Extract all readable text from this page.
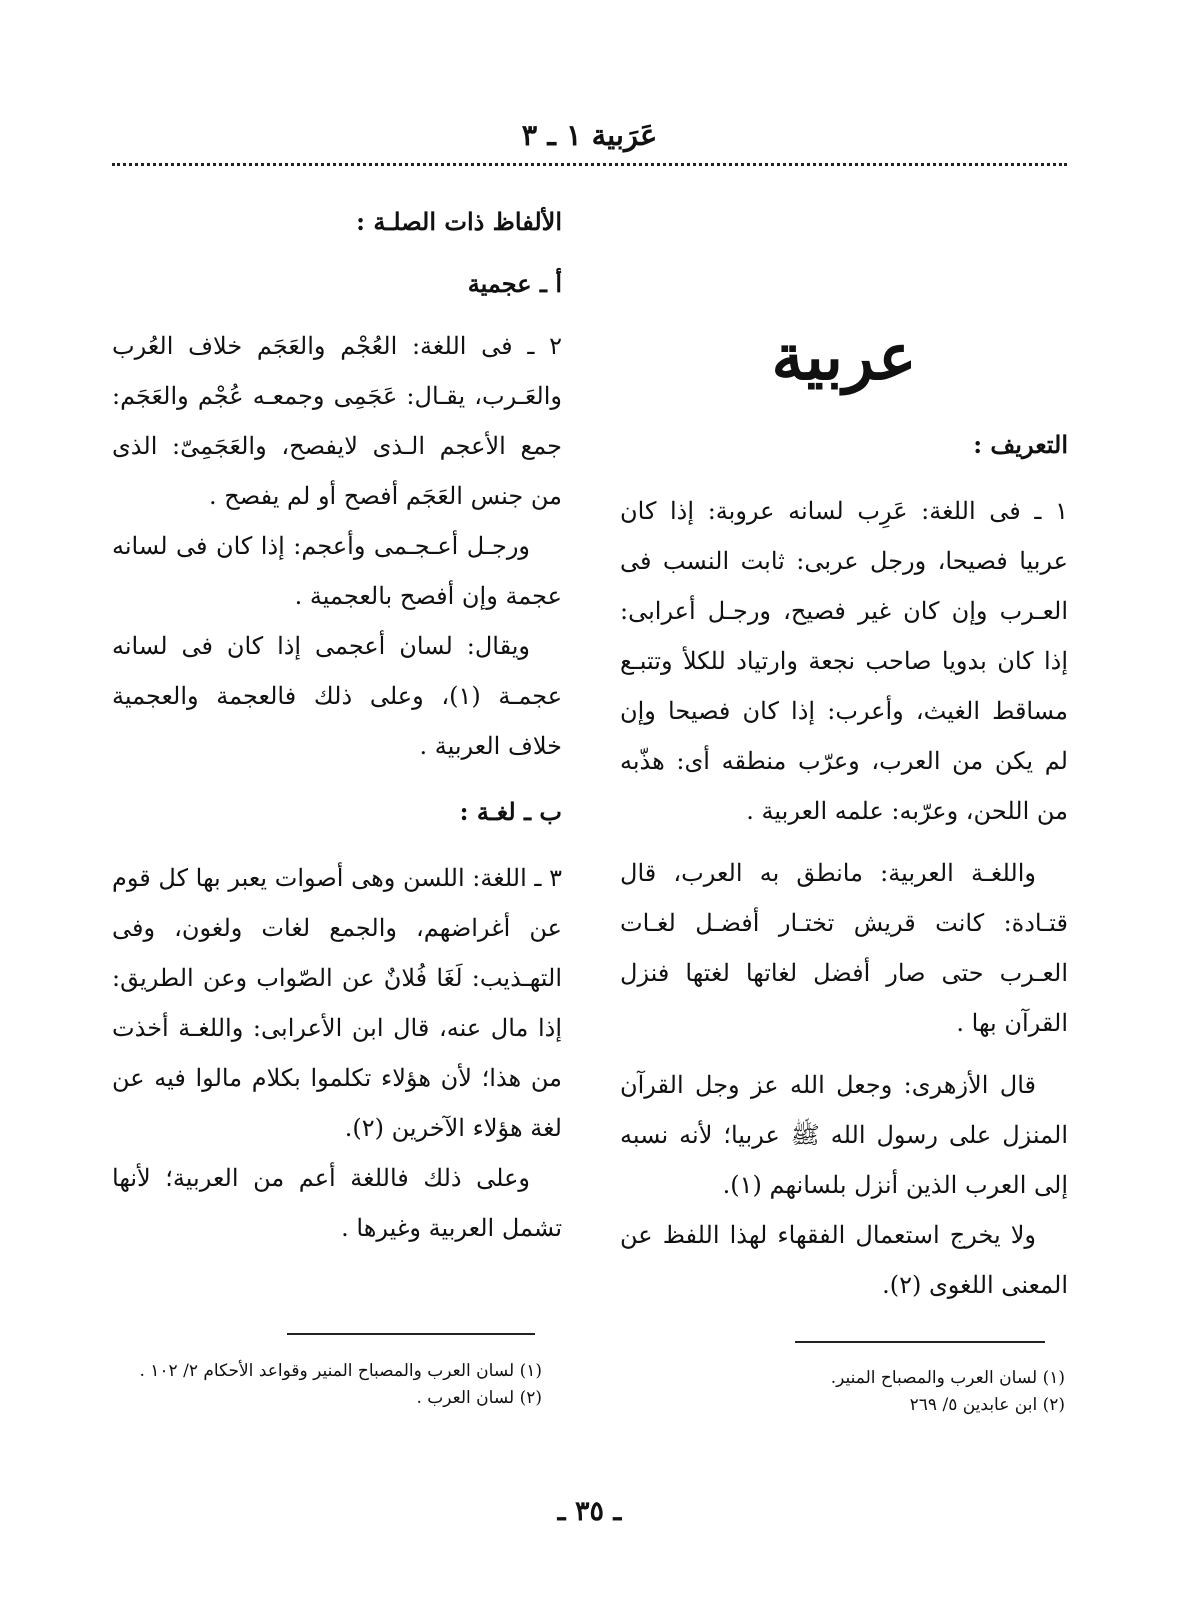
عَرَبية ١ ـ ٣
عربية

التعريف :

١ ـ فى اللغة: عَرِب لسانه عروبة: إذا كان عربيا فصيحا، ورجل عربى: ثابت النسب فى العـرب وإن كان غير فصيح، ورجـل أعرابى: إذا كان بدويا صاحب نجعة وارتياد للكلأ وتتبـع مساقط الغيث، وأعرب: إذا كان فصيحا وإن لم يكن من العرب، وعرّب منطقه أى: هذّبه من اللحن، وعرّبه: علمه العربية .

واللغـة العربية: مانطق به العرب، قال قتـادة: كانت قريش تختـار أفضـل لغـات العـرب حتى صار أفضل لغاتها لغتها فنزل القرآن بها .

قال الأزهرى: وجعل الله عز وجل القرآن المنزل على رسول الله ﷺ عربيا؛ لأنه نسبه إلى العرب الذين أنزل بلسانهم (١).

ولا يخرج استعمال الفقهاء لهذا اللفظ عن المعنى اللغوى (٢).

الألفاظ ذات الصلـة :

أ ـ عجمية

٢ ـ فى اللغة: العُجْم والعَجَم خلاف العُرب والعَـرب، يقـال: عَجَمِى وجمعـه عُجْم والعَجَم: جمع الأعجم الـذى لايفصح، والعَجَمِىّ: الذى من جنس العَجَم أفصح أو لم يفصح .

ورجـل أعـجـمى وأعجم: إذا كان فى لسانه عجمة وإن أفصح بالعجمية .

ويقال: لسان أعجمى إذا كان فى لسانه عجمـة (١)، وعلى ذلك فالعجمة والعجمية خلاف العربية .

ب ـ لغـة :

٣ ـ اللغة: اللسن وهى أصوات يعبر بها كل قوم عن أغراضهم، والجمع لغات ولغون، وفى التهـذيب: لَغَا فُلانٌ عن الصّواب وعن الطريق: إذا مال عنه، قال ابن الأعرابى: واللغـة أخذت من هذا؛ لأن هؤلاء تكلموا بكلام مالوا فيه عن لغة هؤلاء الآخرين (٢).

وعلى ذلك فاللغة أعم من العربية؛ لأنها تشمل العربية وغيرها .

(١) لسان العرب والمصباح المنير وقواعد الأحكام ٢/ ١٠٢ .

(٢) لسان العرب .

(١) لسان العرب والمصباح المنير.

(٢) ابن عابدين ٥/ ٢٦٩

ـ ٣٥ ـ
